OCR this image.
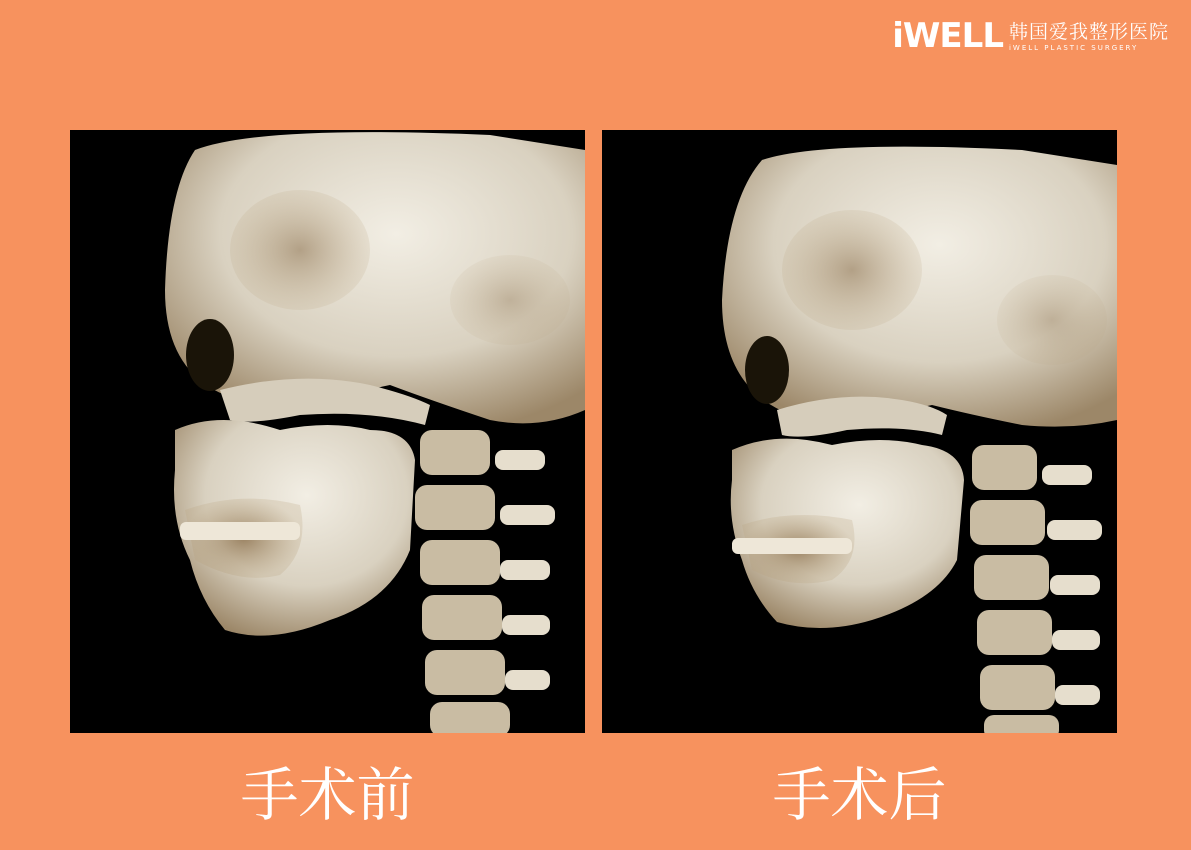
iWELL 韩国爱我整形医院
iWELL PLASTIC SURGERY
手术前	手术后
